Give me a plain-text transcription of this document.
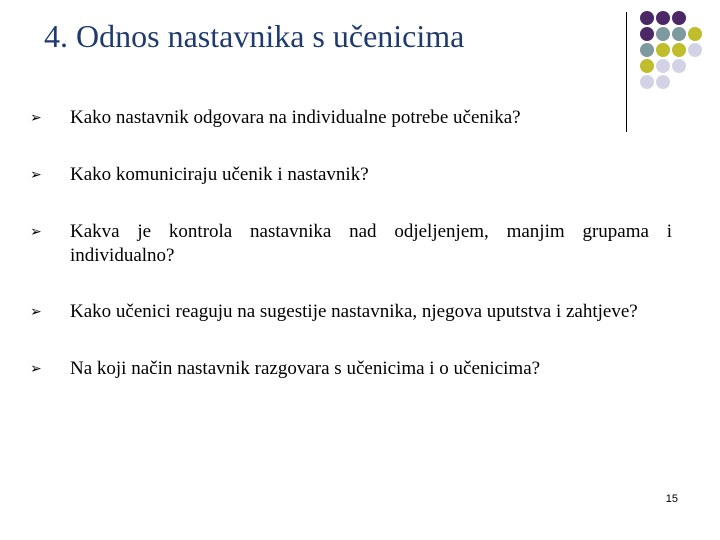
4. Odnos nastavnika s učenicima
➢ Kako nastavnik odgovara na individualne potrebe učenika?
➢ Kako komuniciraju učenik i nastavnik?
➢ Kakva je kontrola nastavnika nad odjeljenjem, manjim grupama i individualno?
➢ Kako učenici reaguju na sugestije nastavnika, njegova uputstva i zahtjeve?
➢ Na koji način nastavnik razgovara s učenicima i o učenicima?
15
